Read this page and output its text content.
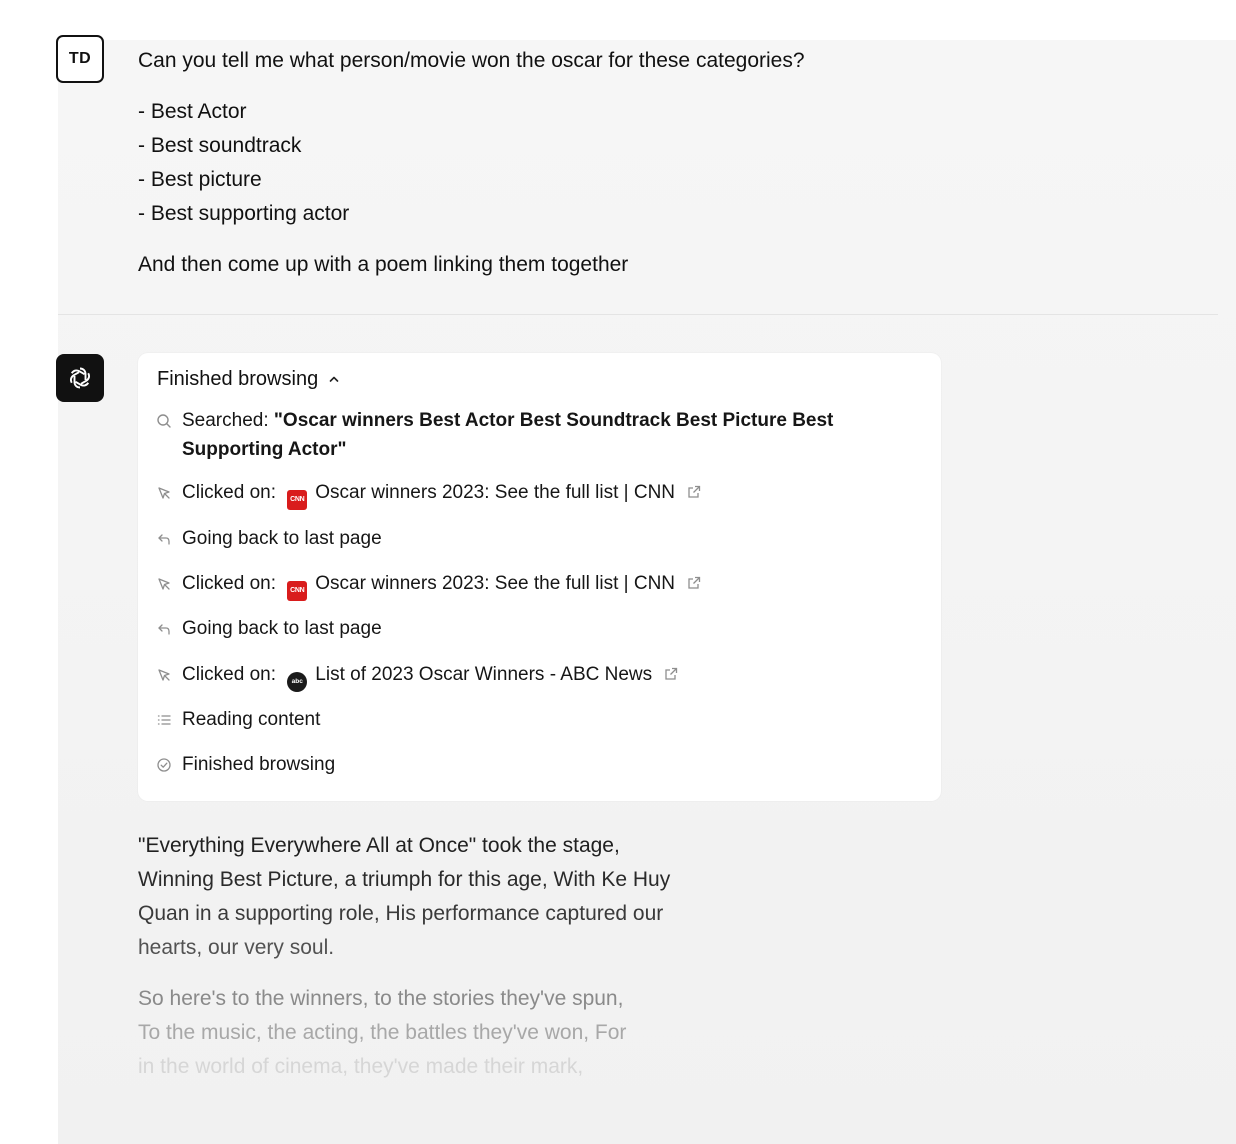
TD Can you tell me what person/movie won the oscar for these categories?
- Best Actor
- Best soundtrack
- Best picture
- Best supporting actor
And then come up with a poem linking them together
Finished browsing
Searched: "Oscar winners Best Actor Best Soundtrack Best Picture Best
Supporting Actor"
Clicked on: CNN Oscar winners 2023: See the full list | CNN
Going back to last page
Clicked on: CNN Oscar winners 2023: See the full list | CNN
Going back to last page
Clicked on: abc List of 2023 Oscar Winners - ABC News
Reading content
Finished browsing
"Everything Everywhere All at Once" took the stage,
Winning Best Picture, a triumph for this age, With Ke Huy
Quan in a supporting role, His performance captured our
hearts, our very soul.
So here's to the winners, to the stories they've spun,
To the music, the acting, the battles they've won, For
in the world of cinema, they've made their mark,
